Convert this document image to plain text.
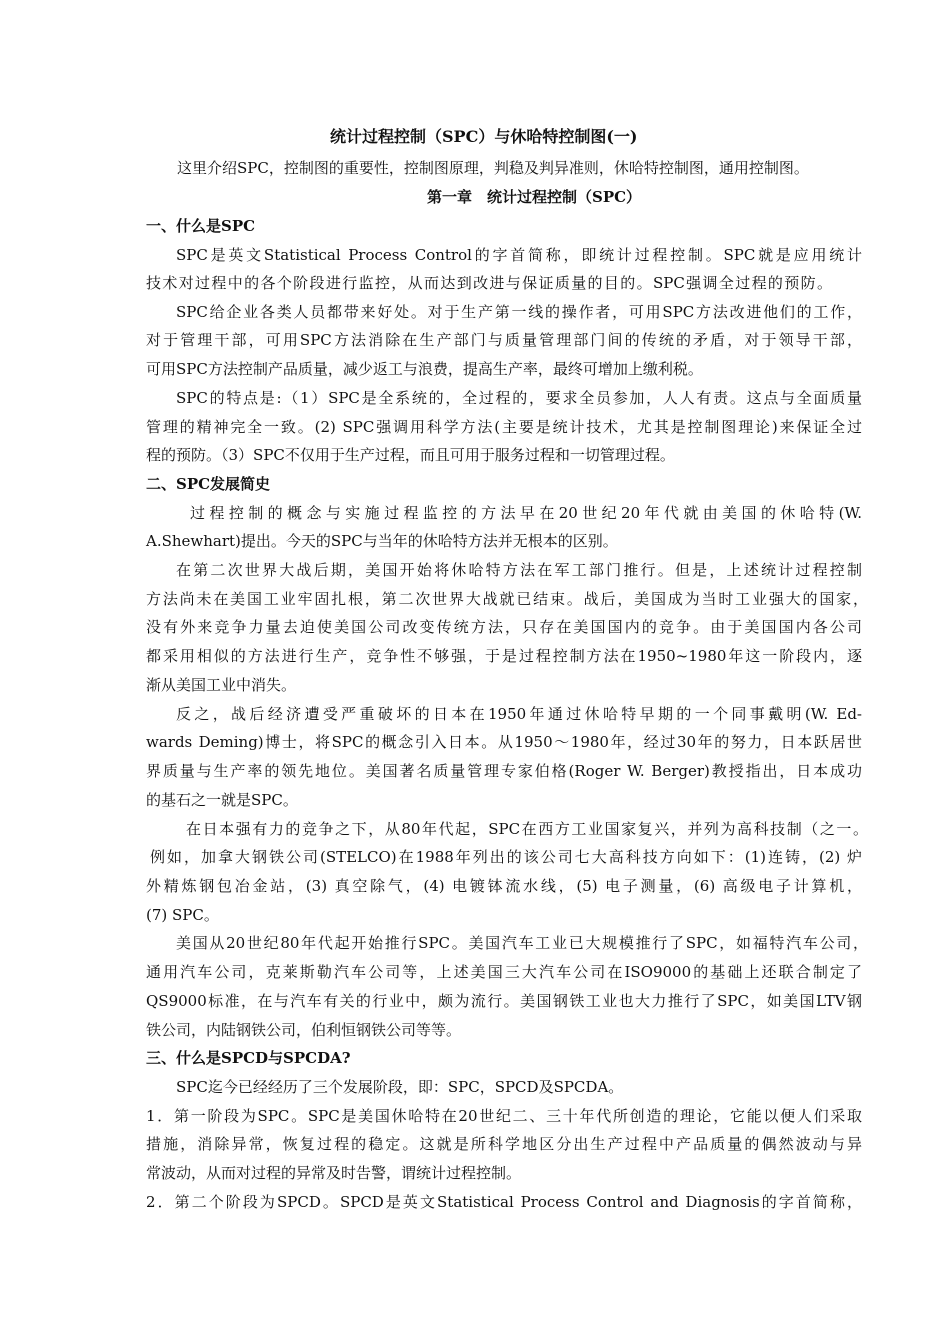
统计过程控制（SPC）与休哈特控制图(一)
这里介绍SPC，控制图的重要性，控制图原理，判稳及判异准则，休哈特控制图，通用控制图。
第一章　统计过程控制（SPC）
一、什么是SPC
SPC是英文Statistical Process Control的字首简称，即统计过程控制。SPC就是应用统计
技术对过程中的各个阶段进行监控，从而达到改进与保证质量的目的。SPC强调全过程的预防。
SPC给企业各类人员都带来好处。对于生产第一线的操作者，可用SPC方法改进他们的工作，
对于管理干部，可用SPC方法消除在生产部门与质量管理部门间的传统的矛盾，对于领导干部，
可用SPC方法控制产品质量，减少返工与浪费，提高生产率，最终可增加上缴利税。
SPC的特点是:（1）SPC是全系统的，全过程的，要求全员参加，人人有责。这点与全面质量
管理的精神完全一致。(2) SPC强调用科学方法(主要是统计技术，尤其是控制图理论)来保证全过
程的预防。（3）SPC不仅用于生产过程，而且可用于服务过程和一切管理过程。
二、SPC发展简史
过程控制的概念与实施过程监控的方法早在20世纪20年代就由美国的休哈特(W.
A.Shewhart)提出。今天的SPC与当年的休哈特方法并无根本的区别。
在第二次世界大战后期，美国开始将休哈特方法在军工部门推行。但是，上述统计过程控制
方法尚未在美国工业牢固扎根，第二次世界大战就已结束。战后，美国成为当时工业强大的国家，
没有外来竞争力量去迫使美国公司改变传统方法，只存在美国国内的竞争。由于美国国内各公司
都采用相似的方法进行生产，竞争性不够强，于是过程控制方法在1950~1980年这一阶段内，逐
渐从美国工业中消失。
反之，战后经济遭受严重破坏的日本在1950年通过休哈特早期的一个同事戴明(W. Ed-
wards Deming)博士，将SPC的概念引入日本。从1950～1980年，经过30年的努力，日本跃居世
界质量与生产率的领先地位。美国著名质量管理专家伯格(Roger W. Berger)教授指出，日本成功
的基石之一就是SPC。
在日本强有力的竞争之下，从80年代起，SPC在西方工业国家复兴，并列为高科技制（之一。
例如，加拿大钢铁公司(STELCO)在1988年列出的该公司七大高科技方向如下：(1)连铸，(2) 炉
外精炼钢包冶金站，(3) 真空除气，(4) 电镀钵流水线，(5) 电子测量，(6) 高级电子计算机，
(7) SPC。
美国从20世纪80年代起开始推行SPC。美国汽车工业已大规模推行了SPC，如福特汽车公司，
通用汽车公司，克莱斯勒汽车公司等，上述美国三大汽车公司在ISO9000的基础上还联合制定了
QS9000标准，在与汽车有关的行业中，颇为流行。美国钢铁工业也大力推行了SPC，如美国LTV钢
铁公司，内陆钢铁公司，伯利恒钢铁公司等等。
三、什么是SPCD与SPCDA?
SPC迄今已经经历了三个发展阶段，即：SPC，SPCD及SPCDA。
1．第一阶段为SPC。SPC是美国休哈特在20世纪二、三十年代所创造的理论，它能以便人们采取
措施，消除异常，恢复过程的稳定。这就是所科学地区分出生产过程中产品质量的偶然波动与异
常波动，从而对过程的异常及时告警，谓统计过程控制。
2．第二个阶段为SPCD。SPCD是英文Statistical Process Control and Diagnosis的字首简称，
